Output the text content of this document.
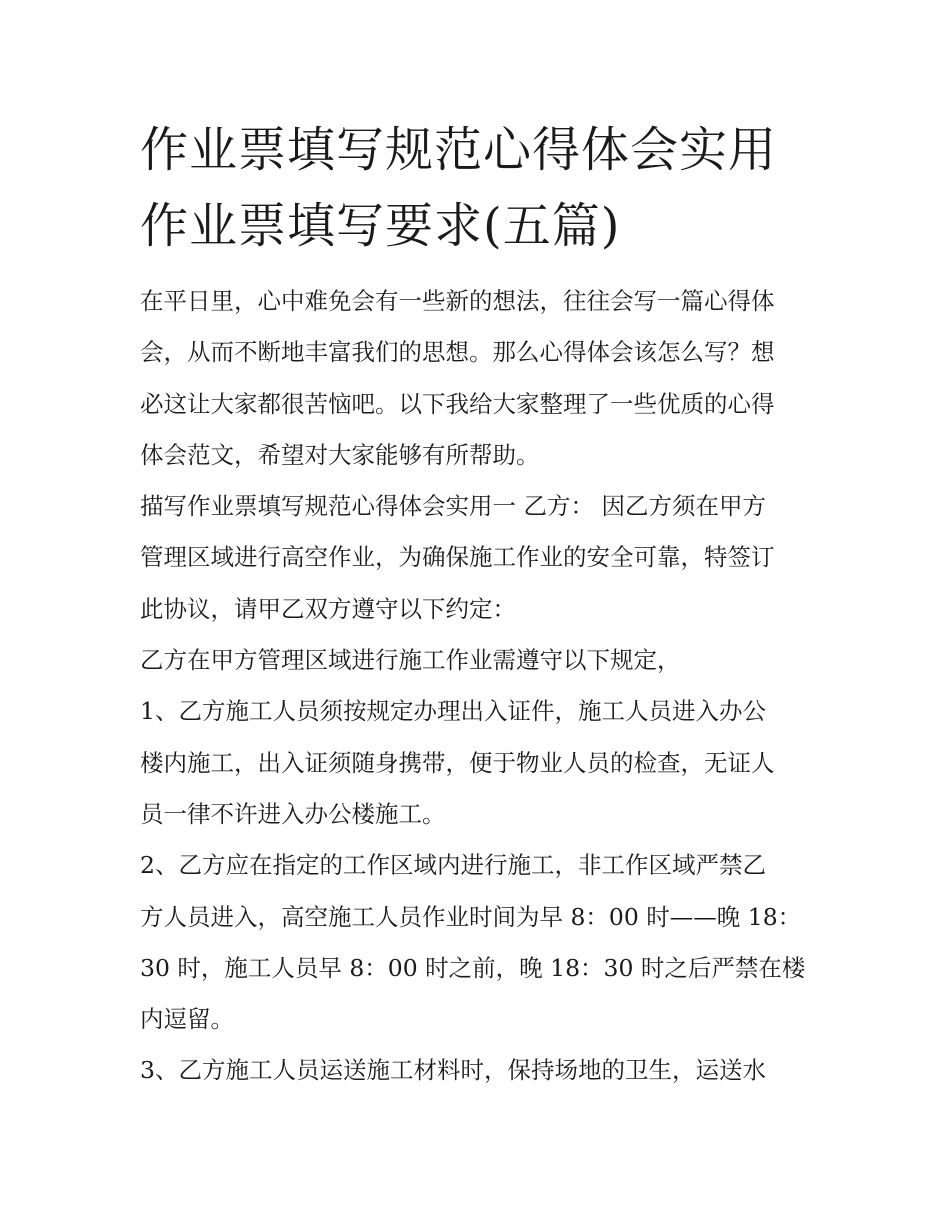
作业票填写规范心得体会实用
作业票填写要求(五篇)
在平日里，心中难免会有一些新的想法，往往会写一篇心得体
会，从而不断地丰富我们的思想。那么心得体会该怎么写？想
必这让大家都很苦恼吧。以下我给大家整理了一些优质的心得
体会范文，希望对大家能够有所帮助。
描写作业票填写规范心得体会实用一 乙方： 因乙方须在甲方
管理区域进行高空作业，为确保施工作业的安全可靠，特签订
此协议，请甲乙双方遵守以下约定：
乙方在甲方管理区域进行施工作业需遵守以下规定，
1、乙方施工人员须按规定办理出入证件，施工人员进入办公
楼内施工，出入证须随身携带，便于物业人员的检查，无证人
员一律不许进入办公楼施工。
2、乙方应在指定的工作区域内进行施工，非工作区域严禁乙
方人员进入，高空施工人员作业时间为早 8：00 时——晚 18：
30 时，施工人员早 8：00 时之前，晚 18：30 时之后严禁在楼
内逗留。
3、乙方施工人员运送施工材料时，保持场地的卫生，运送水
